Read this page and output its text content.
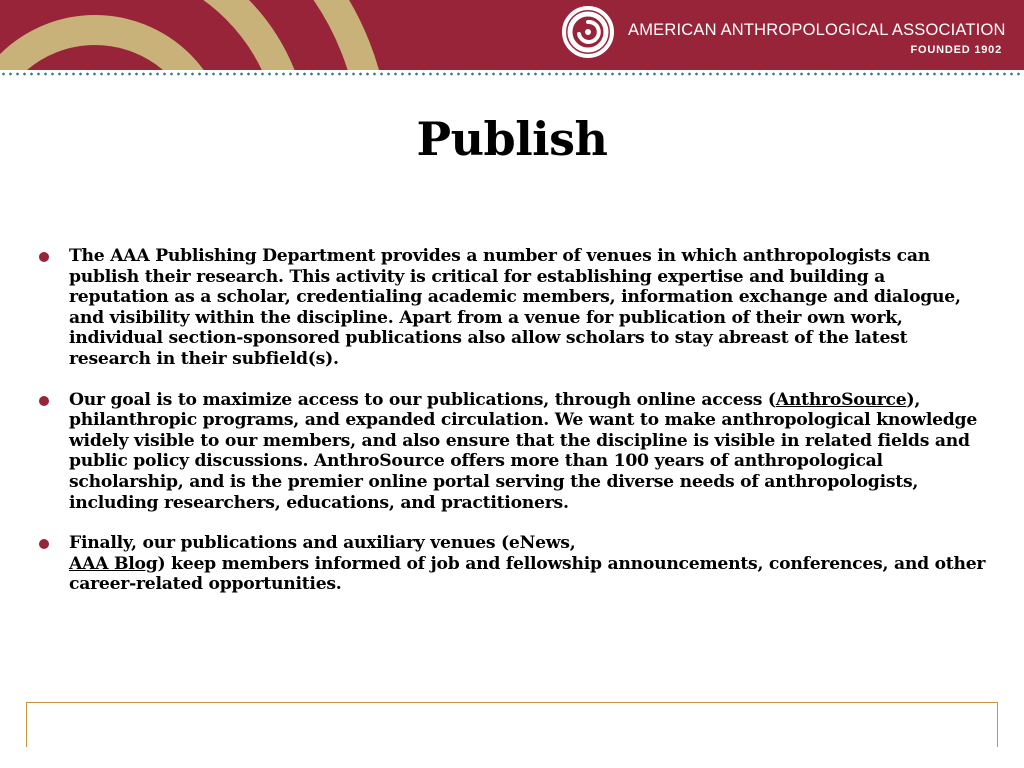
AMERICAN ANTHROPOLOGICAL ASSOCIATION
FOUNDED 1902
Publish
The AAA Publishing Department provides a number of venues in which anthropologists can publish their research. This activity is critical for establishing expertise and building a reputation as a scholar, credentialing academic members, information exchange and dialogue, and visibility within the discipline. Apart from a venue for publication of their own work, individual section-sponsored publications also allow scholars to stay abreast of the latest research in their subfield(s).
Our goal is to maximize access to our publications, through online access (AnthroSource), philanthropic programs, and expanded circulation. We want to make anthropological knowledge widely visible to our members, and also ensure that the discipline is visible in related fields and public policy discussions. AnthroSource offers more than 100 years of anthropological scholarship, and is the premier online portal serving the diverse needs of anthropologists, including researchers, educations, and practitioners.
Finally, our publications and auxiliary venues (eNews,
AAA Blog) keep members informed of job and fellowship announcements, conferences, and other career-related opportunities.
